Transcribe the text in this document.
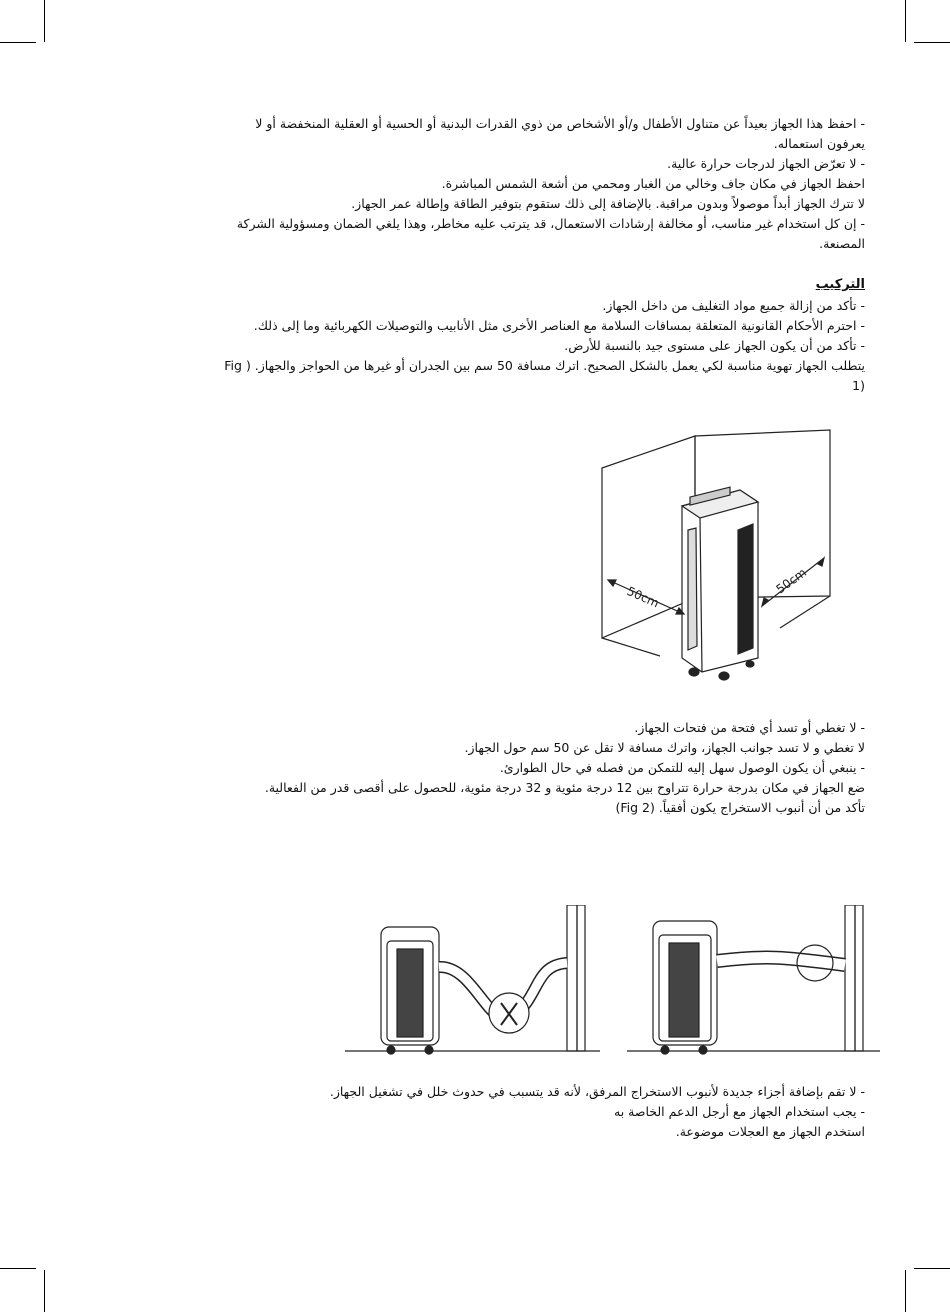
- احفظ هذا الجهاز بعيداً عن متناول الأطفال و/أو الأشخاص من ذوي القدرات البدنية أو الحسية أو العقلية المنخفضة أو لا
يعرفون استعماله.
- لا تعرّض الجهاز لدرجات حرارة عالية.
احفظ الجهاز في مكان جاف وخالي من الغبار ومحمي من أشعة الشمس المباشرة.
لا تترك الجهاز أبداً موصولاً وبدون مراقبة. بالإضافة إلى ذلك ستقوم بتوفير الطاقة وإطالة عمر الجهاز.
- إن كل استخدام غير مناسب، أو مخالفة إرشادات الاستعمال، قد يترتب عليه مخاطر، وهذا يلغي الضمان ومسؤولية الشركة
المصنعة.
التركيب
- تأكد من إزالة جميع مواد التغليف من داخل الجهاز.
- احترم الأحكام القانونية المتعلقة بمسافات السلامة مع العناصر الأخرى مثل الأنابيب والتوصيلات الكهربائية وما إلى ذلك.
- تأكد من أن يكون الجهاز على مستوى جيد بالنسبة للأرض.
يتطلب الجهاز تهوية مناسبة لكي يعمل بالشكل الصحيح. اترك مسافة 50 سم بين الجدران أو غيرها من الحواجز والجهاز. ( Fig
(1
50cm
50cm
- لا تغطي أو تسد أي فتحة من فتحات الجهاز.
لا تغطي و لا تسد جوانب الجهاز، واترك مسافة لا تقل عن 50 سم حول الجهاز.
- ينبغي أن يكون الوصول سهل إليه للتمكن من فصله في حال الطوارئ.
ضع الجهاز في مكان بدرجة حرارة تتراوح بين 12 درجة مئوية و 32 درجة مئوية، للحصول على أقصى قدر من الفعالية.
تأكد من أن أنبوب الاستخراج يكون أفقياً. (Fig 2)
- لا تقم بإضافة أجزاء جديدة لأنبوب الاستخراج المرفق، لأنه قد يتسبب في حدوث خلل في تشغيل الجهاز.
- يجب استخدام الجهاز مع أرجل الدعم الخاصة به
استخدم الجهاز مع العجلات موضوعة.
